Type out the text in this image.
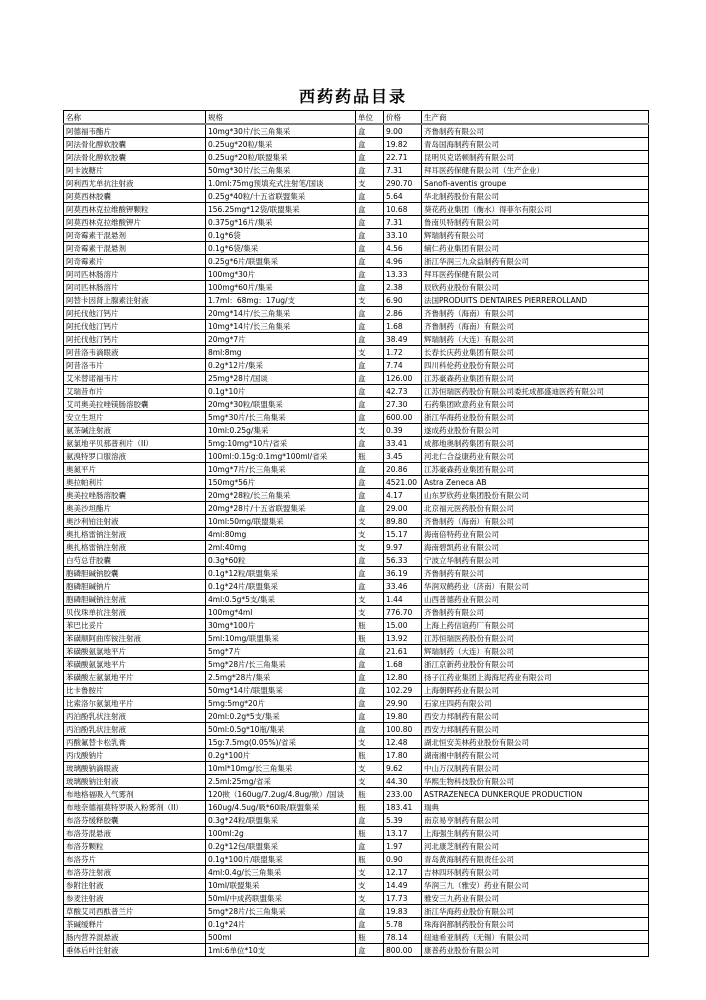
西药药品目录
名称	规格	单位	价格	生产商
阿德福韦酯片	10mg*30片/长三角集采	盒	9.00	齐鲁制药有限公司
阿法骨化醇软胶囊	0.25ug*20粒/集采	盒	19.82	青岛国海制药有限公司
阿法骨化醇软胶囊	0.25ug*20粒/联盟集采	盒	22.71	昆明贝克诺顿制药有限公司
阿卡波糖片	50mg*30片/长三角集采	盒	7.31	拜耳医药保健有限公司（生产企业）
阿利西尤单抗注射液	1.0ml:75mg预填充式注射笔/国谈	支	290.70	Sanofi-aventis groupe
阿莫西林胶囊	0.25g*40粒/十五省联盟集采	盒	5.64	华北制药股份有限公司
阿莫西林克拉维酸钾颗粒	156.25mg*12袋/联盟集采	盒	10.68	葵花药业集团（衡水）得菲尔有限公司
阿莫西林克拉维酸钾片	0.375g*16片/集采	盒	7.31	鲁南贝特制药有限公司
阿奇霉素干混悬剂	0.1g*6袋	盒	33.10	辉瑞制药有限公司
阿奇霉素干混悬剂	0.1g*6袋/集采	盒	4.56	辅仁药业集团有限公司
阿奇霉素片	0.25g*6片/联盟集采	盒	4.96	浙江华润三九众益制药有限公司
阿司匹林肠溶片	100mg*30片	盒	13.33	拜耳医药保健有限公司
阿司匹林肠溶片	100mg*60片/集采	盒	2.38	辰欣药业股份有限公司
阿替卡因肾上腺素注射液	1.7ml：68mg：17ug/支	支	6.90	法国PRODUITS DENTAIRES PIERREROLLAND
阿托伐他汀钙片	20mg*14片/长三角集采	盒	2.86	齐鲁制药（海南）有限公司
阿托伐他汀钙片	10mg*14片/长三角集采	盒	1.68	齐鲁制药（海南）有限公司
阿托伐他汀钙片	20mg*7片	盒	38.49	辉瑞制药（大连）有限公司
阿昔洛韦滴眼液	8ml:8mg	支	1.72	长春长庆药业集团有限公司
阿昔洛韦片	0.2g*12片/集采	盒	7.74	四川科伦药业股份有限公司
艾米替诺福韦片	25mg*28片/国谈	盒	126.00	江苏豪森药业集团有限公司
艾瑞昔布片	0.1g*10片	盒	42.73	江苏恒瑞医药股份有限公司委托成都盛迪医药有限公司
艾司奥美拉唑镁肠溶胶囊	20mg*30粒/联盟集采	盒	27.30	石药集团欧意药业有限公司
安立生坦片	5mg*30片/长三角集采	盒	600.00	浙江华海药业股份有限公司
氨茶碱注射液	10ml:0.25g/集采	支	0.39	遂成药业股份有限公司
氨氯地平贝那普利片（II）	5mg:10mg*10片/省采	盒	33.41	成都地奥制药集团有限公司
氨溴特罗口服溶液	100ml:0.15g:0.1mg*100ml/省采	瓶	3.45	河北仁合益康药业有限公司
奥氮平片	10mg*7片/长三角集采	盒	20.86	江苏豪森药业集团有限公司
奥拉帕利片	150mg*56片	盒	4521.00	Astra Zeneca AB
奥美拉唑肠溶胶囊	20mg*28粒/长三角集采	盒	4.17	山东罗欣药业集团股份有限公司
奥美沙坦酯片	20mg*28片/十五省联盟集采	盒	29.00	北京福元医药股份有限公司
奥沙利铂注射液	10ml:50mg/联盟集采	支	89.80	齐鲁制药（海南）有限公司
奥扎格雷钠注射液	4ml:80mg	支	15.17	海南倍特药业有限公司
奥扎格雷钠注射液	2ml:40mg	支	9.97	海南碧凯药业有限公司
白芍总苷胶囊	0.3g*60粒	盒	56.33	宁波立华制药有限公司
胞磷胆碱钠胶囊	0.1g*12粒/联盟集采	盒	36.19	齐鲁制药有限公司
胞磷胆碱钠片	0.1g*24片/联盟集采	盒	33.46	华润双鹤药业（济南）有限公司
胞磷胆碱钠注射液	4ml:0.5g*5支/集采	支	1.44	山西普德药业有限公司
贝伐珠单抗注射液	100mg*4ml	支	776.70	齐鲁制药有限公司
苯巴比妥片	30mg*100片	瓶	15.00	上海上药信谊药厂有限公司
苯磺顺阿曲库铵注射液	5ml:10mg/联盟集采	瓶	13.92	江苏恒瑞医药股份有限公司
苯磺酸氨氯地平片	5mg*7片	盒	21.61	辉瑞制药（大连）有限公司
苯磺酸氨氯地平片	5mg*28片/长三角集采	盒	1.68	浙江京新药业股份有限公司
苯磺酸左氨氯地平片	2.5mg*28片/集采	盒	12.80	扬子江药业集团上海海尼药业有限公司
比卡鲁胺片	50mg*14片/联盟集采	盒	102.29	上海朝晖药业有限公司
比索洛尔氨氯地平片	5mg:5mg*20片	盒	29.90	石家庄四药有限公司
丙泊酚乳状注射液	20ml:0.2g*5支/集采	盒	19.80	西安力邦制药有限公司
丙泊酚乳状注射液	50ml:0.5g*10瓶/集采	盒	100.80	西安力邦制药有限公司
丙酸氟替卡松乳膏	15g:7.5mg(0.05%)/省采	支	12.48	湖北恒安芙林药业股份有限公司
丙戊酸钠片	0.2g*100片	瓶	17.80	湖南湘中制药有限公司
玻璃酸钠滴眼液	10ml*10mg/长三角集采	支	9.62	中山万汉制药有限公司
玻璃酸钠注射液	2.5ml:25mg/省采	支	44.30	华熙生物科技股份有限公司
布地格福吸入气雾剂	120揿（160ug/7.2ug/4.8ug/揿）/国谈	瓶	233.00	ASTRAZENECA DUNKERQUE PRODUCTION
布地奈德福莫特罗吸入粉雾剂（II）	160ug/4.5ug/吸*60吸/联盟集采	瓶	183.41	瑞典
布洛芬缓释胶囊	0.3g*24粒/联盟集采	盒	5.39	南京易亨制药有限公司
布洛芬混悬液	100ml:2g	瓶	13.17	上海强生制药有限公司
布洛芬颗粒	0.2g*12包/联盟集采	盒	1.97	河北康芝制药有限公司
布洛芬片	0.1g*100片/联盟集采	瓶	0.90	青岛黄海制药有限责任公司
布洛芬注射液	4ml:0.4g/长三角集采	支	12.17	吉林四环制药有限公司
参附注射液	10ml/联盟集采	支	14.49	华润三九（雅安）药业有限公司
参麦注射液	50ml/中成药联盟集采	支	17.73	雅安三九药业有限公司
草酸艾司西酞普兰片	5mg*28片/长三角集采	盒	19.83	浙江华海药业股份有限公司
茶碱缓释片	0.1g*24片	盒	5.78	珠海润都制药股份有限公司
肠内营养混悬液	500ml	瓶	78.14	纽迪希亚制药（无锡）有限公司
垂体后叶注射液	1ml:6单位*10支	盒	800.00	康普药业股份有限公司
